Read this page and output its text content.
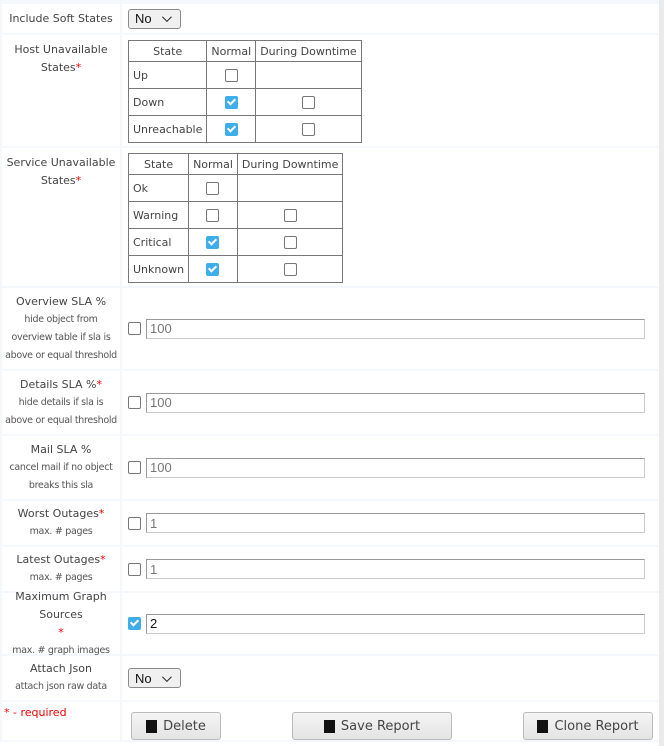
Include Soft States	No
Host Unavailable States*
State	Normal	During Downtime
Up		
Down		
Unreachable		
Service Unavailable States*
State	Normal	During Downtime
Ok		
Warning		
Critical		
Unknown		
Overview SLA %
hide object from overview table if sla is above or equal threshold
100
Details SLA %*
hide details if sla is above or equal threshold
100
Mail SLA %
cancel mail if no object breaks this sla
100
Worst Outages*
max. # pages
1
Latest Outages*
max. # pages
1
Maximum Graph Sources
*
max. # graph images
2
Attach Json
attach json raw data
No
* - required
Delete	Save Report	Clone Report
